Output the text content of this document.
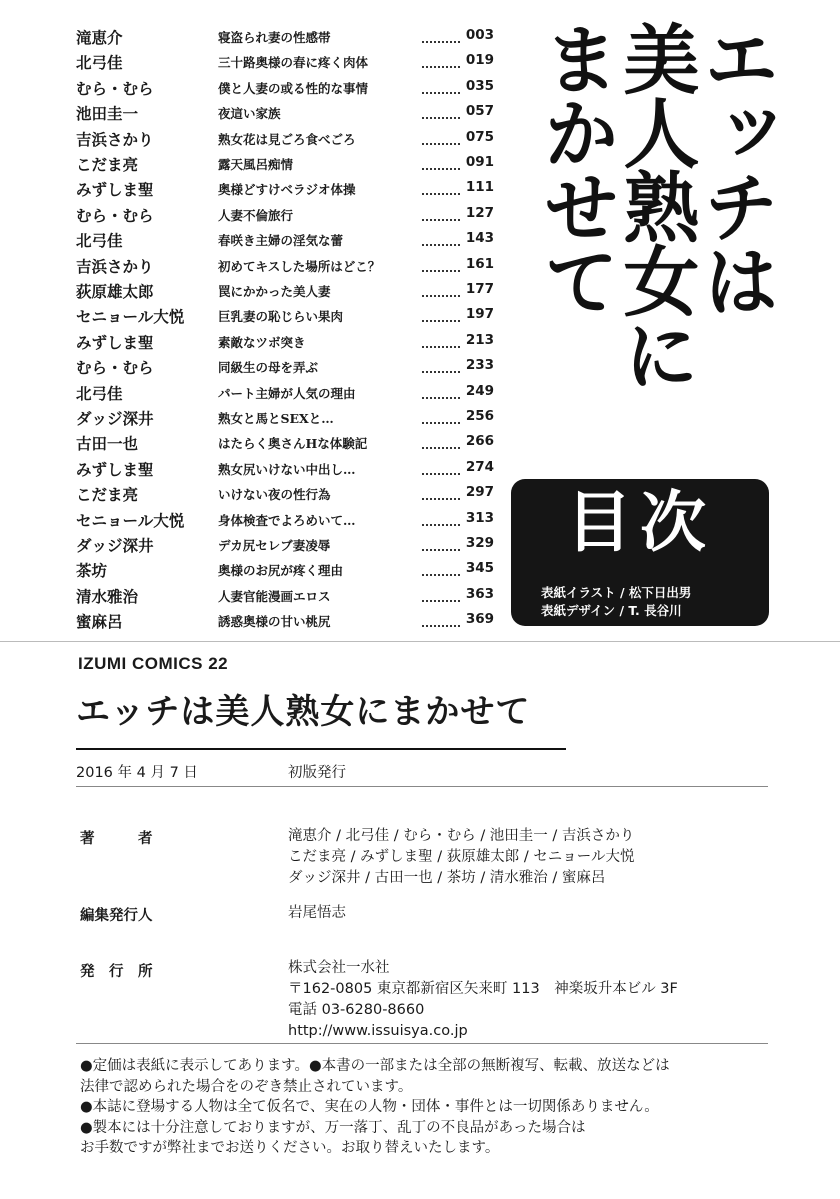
滝恵介	寝盗られ妻の性感帯	003
北弓佳	三十路奥様の春に疼く肉体	019
むら・むら	僕と人妻の或る性的な事情	035
池田圭一	夜這い家族	057
吉浜さかり	熟女花は見ごろ食べごろ	075
こだま亮	露天風呂痴情	091
みずしま聖	奥様どすけベラジオ体操	111
むら・むら	人妻不倫旅行	127
北弓佳	春咲き主婦の淫気な蕾	143
吉浜さかり	初めてキスした場所はどこ？	161
荻原雄太郎	罠にかかった美人妻	177
セニョール大悦	巨乳妻の恥じらい果肉	197
みずしま聖	素敵なツボ突き	213
むら・むら	同級生の母を弄ぶ	233
北弓佳	パート主婦が人気の理由	249
ダッジ深井	熟女と馬とSEXと…	256
古田一也	はたらく奥さんHな体験記	266
みずしま聖	熟女尻いけない中出し…	274
こだま亮	いけない夜の性行為	297
セニョール大悦	身体検査でよろめいて…	313
ダッジ深井	デカ尻セレブ妻凌辱	329
茶坊	奥様のお尻が疼く理由	345
清水雅治	人妻官能漫画エロス	363
蜜麻呂	誘惑奥様の甘い桃尻	369
エッチは
美人熟女に
まかせて
目次
表紙イラスト / 松下日出男
表紙デザイン / T. 長谷川
IZUMI COMICS 22
エッチは美人熟女にまかせて
2016 年 4 月 7 日	初版発行
著　　　者	滝恵介 / 北弓佳 / むら・むら / 池田圭一 / 吉浜さかり
こだま亮 / みずしま聖 / 荻原雄太郎 / セニョール大悦
ダッジ深井 / 古田一也 / 茶坊 / 清水雅治 / 蜜麻呂
編集発行人	岩尾悟志
発　行　所	株式会社一水社
〒162-0805 東京都新宿区矢来町 113　神楽坂升本ビル 3F
電話 03-6280-8660
http://www.issuisya.co.jp
●定価は表紙に表示してあります。●本書の一部または全部の無断複写、転載、放送などは
法律で認められた場合をのぞき禁止されています。
●本誌に登場する人物は全て仮名で、実在の人物・団体・事件とは一切関係ありません。
●製本には十分注意しておりますが、万一落丁、乱丁の不良品があった場合は
お手数ですが弊社までお送りください。お取り替えいたします。
